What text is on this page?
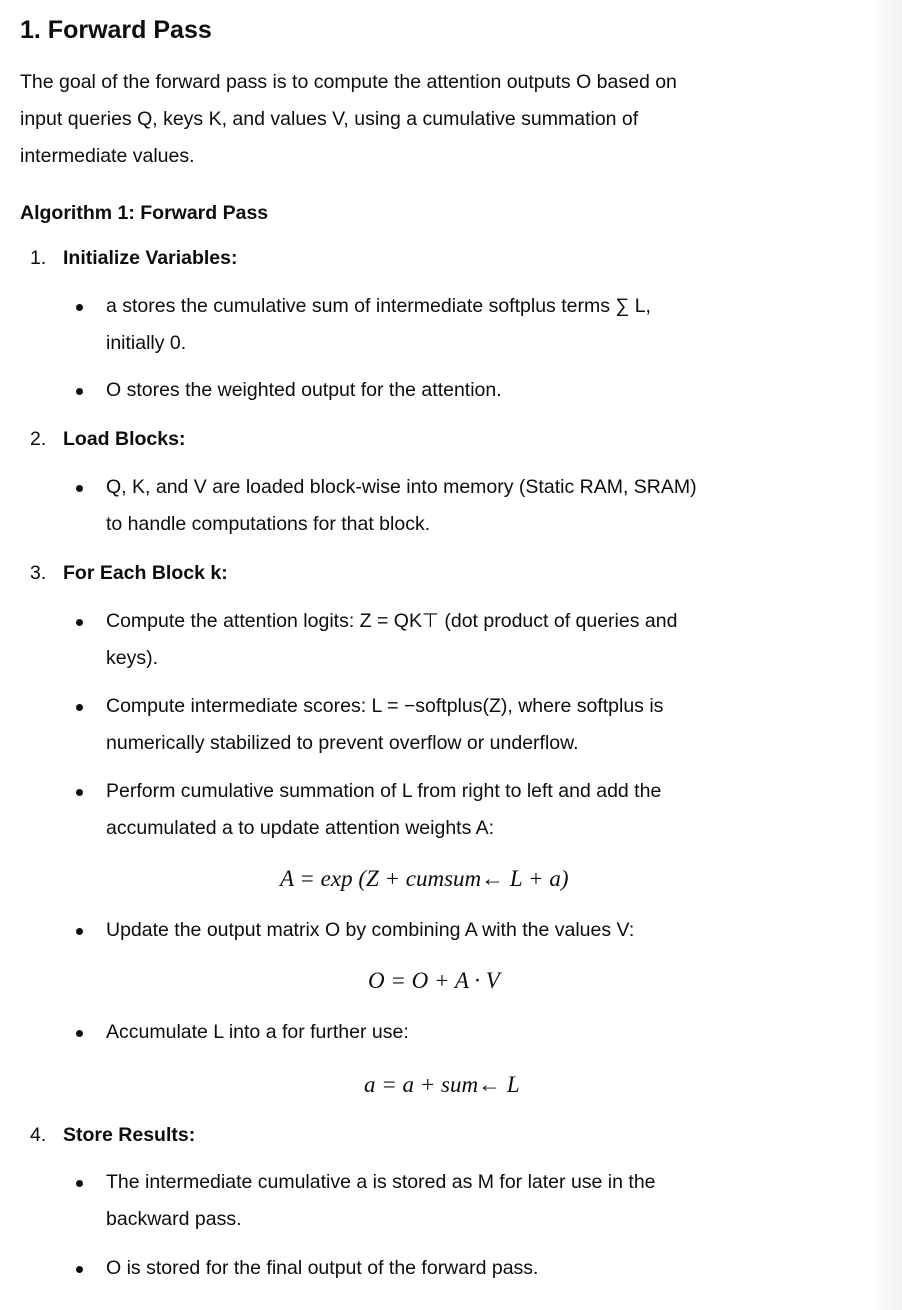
1. Forward Pass
The goal of the forward pass is to compute the attention outputs O based on
input queries Q, keys K, and values V, using a cumulative summation of
intermediate values.
Algorithm 1: Forward Pass
1. Initialize Variables:
a stores the cumulative sum of intermediate softplus terms ∑ L,
initially 0.
O stores the weighted output for the attention.
2. Load Blocks:
Q, K, and V are loaded block-wise into memory (Static RAM, SRAM)
to handle computations for that block.
3. For Each Block k:
Compute the attention logits: Z = QK⊤ (dot product of queries and
keys).
Compute intermediate scores: L = −softplus(Z), where softplus is
numerically stabilized to prevent overflow or underflow.
Perform cumulative summation of L from right to left and add the
accumulated a to update attention weights A:
A = exp (Z + cumsum← L + a)
Update the output matrix O by combining A with the values V:
O = O + A · V
Accumulate L into a for further use:
a = a + sum← L
4. Store Results:
The intermediate cumulative a is stored as M for later use in the
backward pass.
O is stored for the final output of the forward pass.
